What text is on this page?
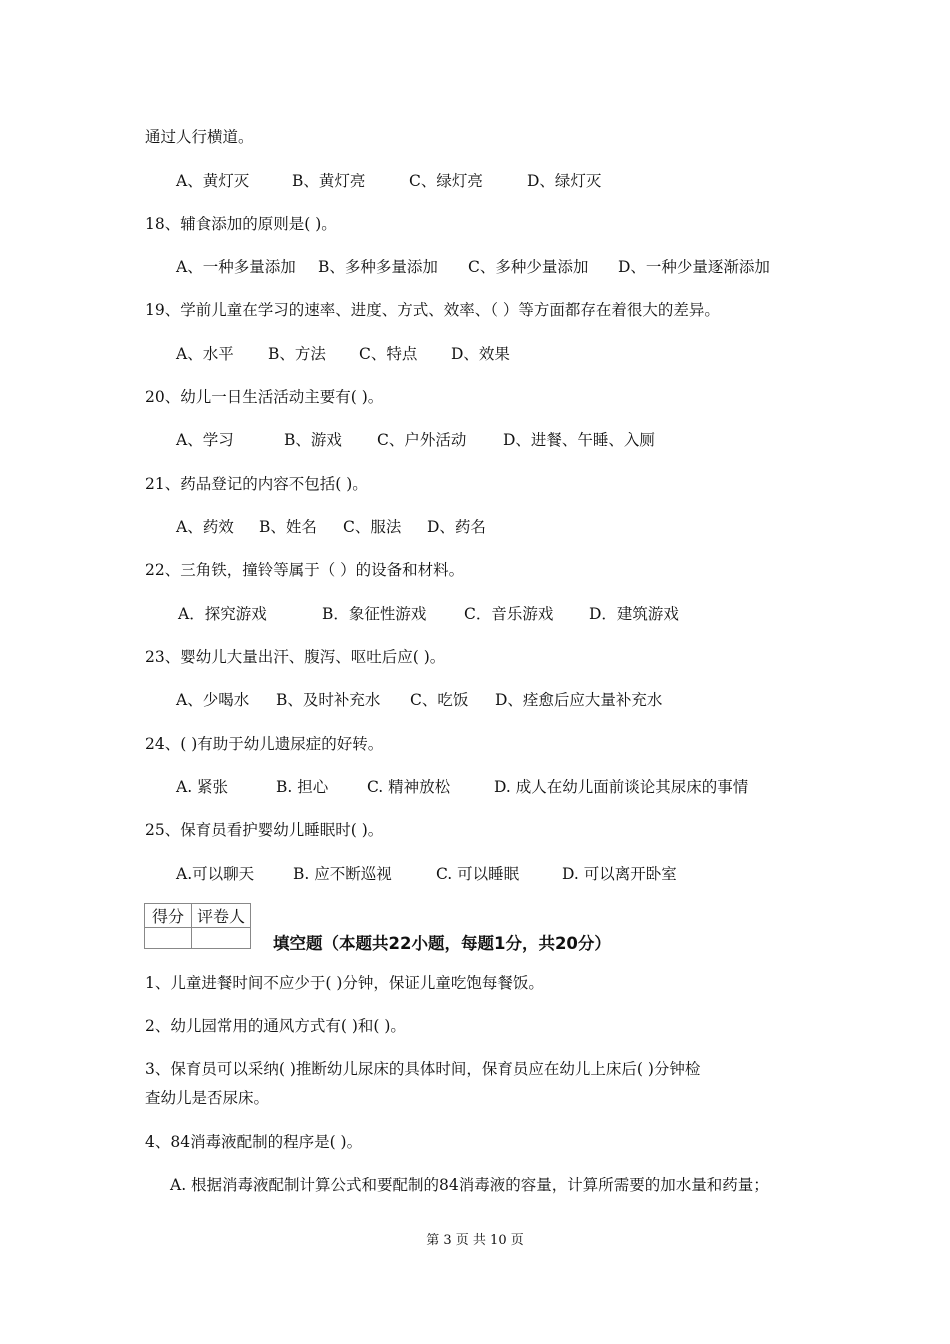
通过人行横道。
A、黄灯灭	B、黄灯亮	C、绿灯亮	D、绿灯灭
18、辅食添加的原则是( )。
A、一种多量添加 B、多种多量添加 C、多种少量添加 D、一种少量逐渐添加
19、学前儿童在学习的速率、进度、方式、效率、（ ）等方面都存在着很大的差异。
A、水平 B、方法 C、特点 D、效果
20、幼儿一日生活活动主要有( )。
A、学习	B、游戏 C、户外活动 D、进餐、午睡、入厕
21、药品登记的内容不包括( )。
A、药效 B、姓名 C、服法 D、药名
22、三角铁，撞铃等属于（ ）的设备和材料。
A．探究游戏	B．象征性游戏 C．音乐游戏 D．建筑游戏
23、婴幼儿大量出汗、腹泻、呕吐后应( )。
A、少喝水 B、及时补充水 C、吃饭 D、痊愈后应大量补充水
24、( )有助于幼儿遗尿症的好转。
A. 紧张	B. 担心	C. 精神放松	D. 成人在幼儿面前谈论其尿床的事情
25、保育员看护婴幼儿睡眠时( )。
A.可以聊天	B. 应不断巡视	C. 可以睡眠	D. 可以离开卧室
得分	评卷人

填空题（本题共22小题，每题1分，共20分）
1、儿童进餐时间不应少于( )分钟，保证儿童吃饱每餐饭。
2、幼儿园常用的通风方式有( )和( )。
3、保育员可以采纳( )推断幼儿尿床的具体时间，保育员应在幼儿上床后( )分钟检
查幼儿是否尿床。
4、84消毒液配制的程序是( )。
A. 根据消毒液配制计算公式和要配制的84消毒液的容量，计算所需要的加水量和药量；
第 3 页 共 10 页
